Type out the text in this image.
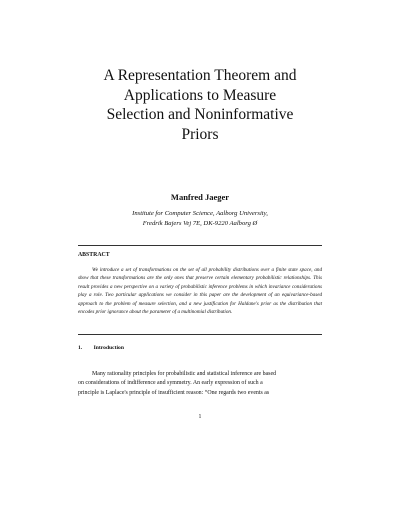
A Representation Theorem and
Applications to Measure
Selection and Noninformative
Priors
Manfred Jaeger
Institute for Computer Science, Aalborg University,
Fredrik Bajers Vej 7E, DK-9220 Aalborg Ø
ABSTRACT
We introduce a set of transformations on the set of all probability distributions over a finite state space, and show that these transformations are the only ones that preserve certain elementary probabilistic relationships. This result provides a new perspective on a variety of probabilistic inference problems in which invariance considerations play a role. Two particular applications we consider in this paper are the development of an equivariance-based approach to the problem of measure selection, and a new justification for Haldane's prior as the distribution that encodes prior ignorance about the parameter of a multinomial distribution.
1. Introduction
Many rationality principles for probabilistic and statistical inference are based
on considerations of indifference and symmetry. An early expression of such a
principle is Laplace's principle of insufficient reason: “One regards two events as
1
